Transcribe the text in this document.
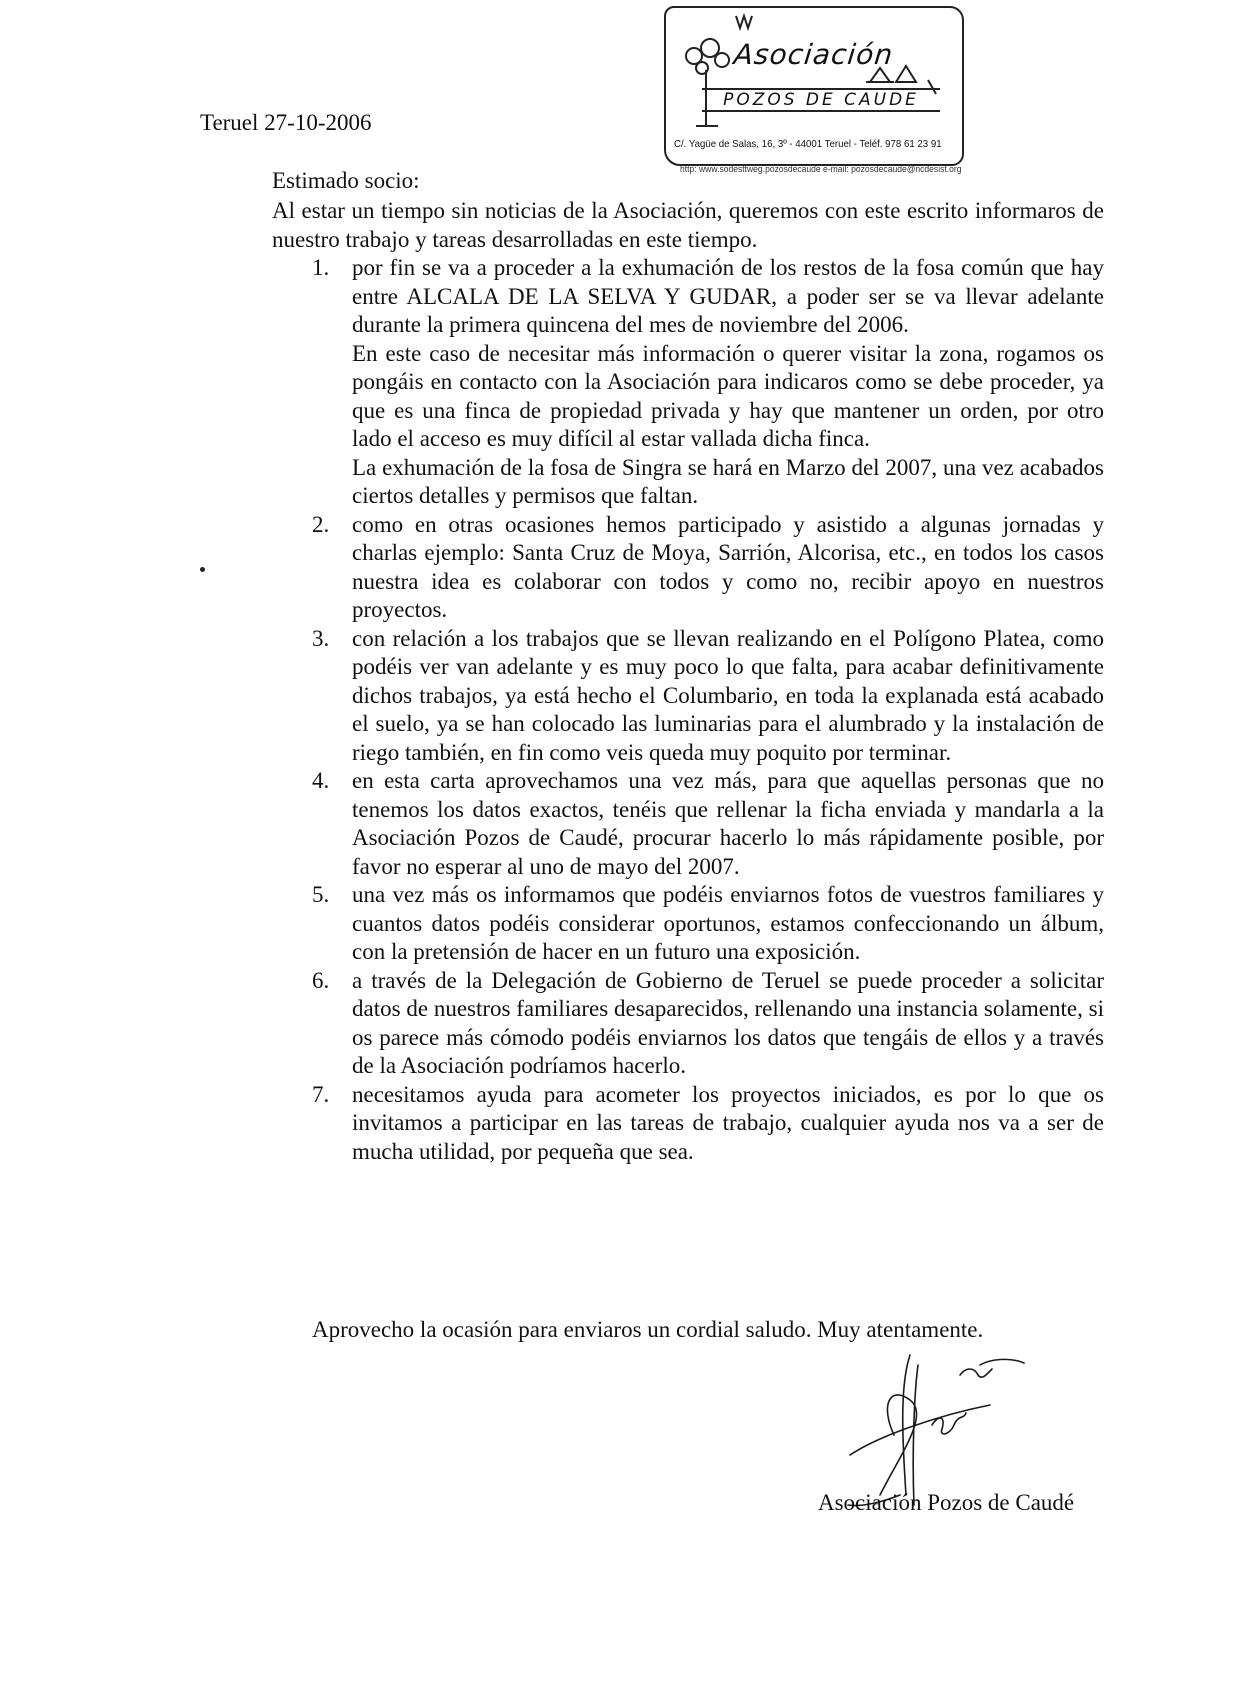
Asociación
POZOS DE CAUDE
C/. Yagüe de Salas, 16, 3º - 44001 Teruel - Teléf. 978 61 23 91
http: www.sodesttweg.pozosdecaude e-mail: pozosdecaude@ncdesist.org
Teruel 27-10-2006
Estimado socio:
Al estar un tiempo sin noticias de la Asociación, queremos con este escrito informaros de nuestro trabajo y tareas desarrolladas en este tiempo.
1. por fin se va a proceder a la exhumación de los restos de la fosa común que hay entre ALCALA DE LA SELVA Y GUDAR, a poder ser se va llevar adelante durante la primera quincena del mes de noviembre del 2006.

En este caso de necesitar más información o querer visitar la zona, rogamos os pongáis en contacto con la Asociación para indicaros como se debe proceder, ya que es una finca de propiedad privada y hay que mantener un orden, por otro lado el acceso es muy difícil al estar vallada dicha finca.

La exhumación de la fosa de Singra se hará en Marzo del 2007, una vez acabados ciertos detalles y permisos que faltan.

2. como en otras ocasiones hemos participado y asistido a algunas jornadas y charlas ejemplo: Santa Cruz de Moya, Sarrión, Alcorisa, etc., en todos los casos nuestra idea es colaborar con todos y como no, recibir apoyo en nuestros proyectos.

3. con relación a los trabajos que se llevan realizando en el Polígono Platea, como podéis ver van adelante y es muy poco lo que falta, para acabar definitivamente dichos trabajos, ya está hecho el Columbario, en toda la explanada está acabado el suelo, ya se han colocado las luminarias para el alumbrado y la instalación de riego también, en fin como veis queda muy poquito por terminar.

4. en esta carta aprovechamos una vez más, para que aquellas personas que no tenemos los datos exactos, tenéis que rellenar la ficha enviada y mandarla a la Asociación Pozos de Caudé, procurar hacerlo lo más rápidamente posible, por favor no esperar al uno de mayo del 2007.

5. una vez más os informamos que podéis enviarnos fotos de vuestros familiares y cuantos datos podéis considerar oportunos, estamos confeccionando un álbum, con la pretensión de hacer en un futuro una exposición.

6. a través de la Delegación de Gobierno de Teruel se puede proceder a solicitar datos de nuestros familiares desaparecidos, rellenando una instancia solamente, si os parece más cómodo podéis enviarnos los datos que tengáis de ellos y a través de la Asociación podríamos hacerlo.

7. necesitamos ayuda para acometer los proyectos iniciados, es por lo que os invitamos a participar en las tareas de trabajo, cualquier ayuda nos va a ser de mucha utilidad, por pequeña que sea.

Aprovecho la ocasión para enviaros un cordial saludo. Muy atentamente.
Asociación Pozos de Caudé
